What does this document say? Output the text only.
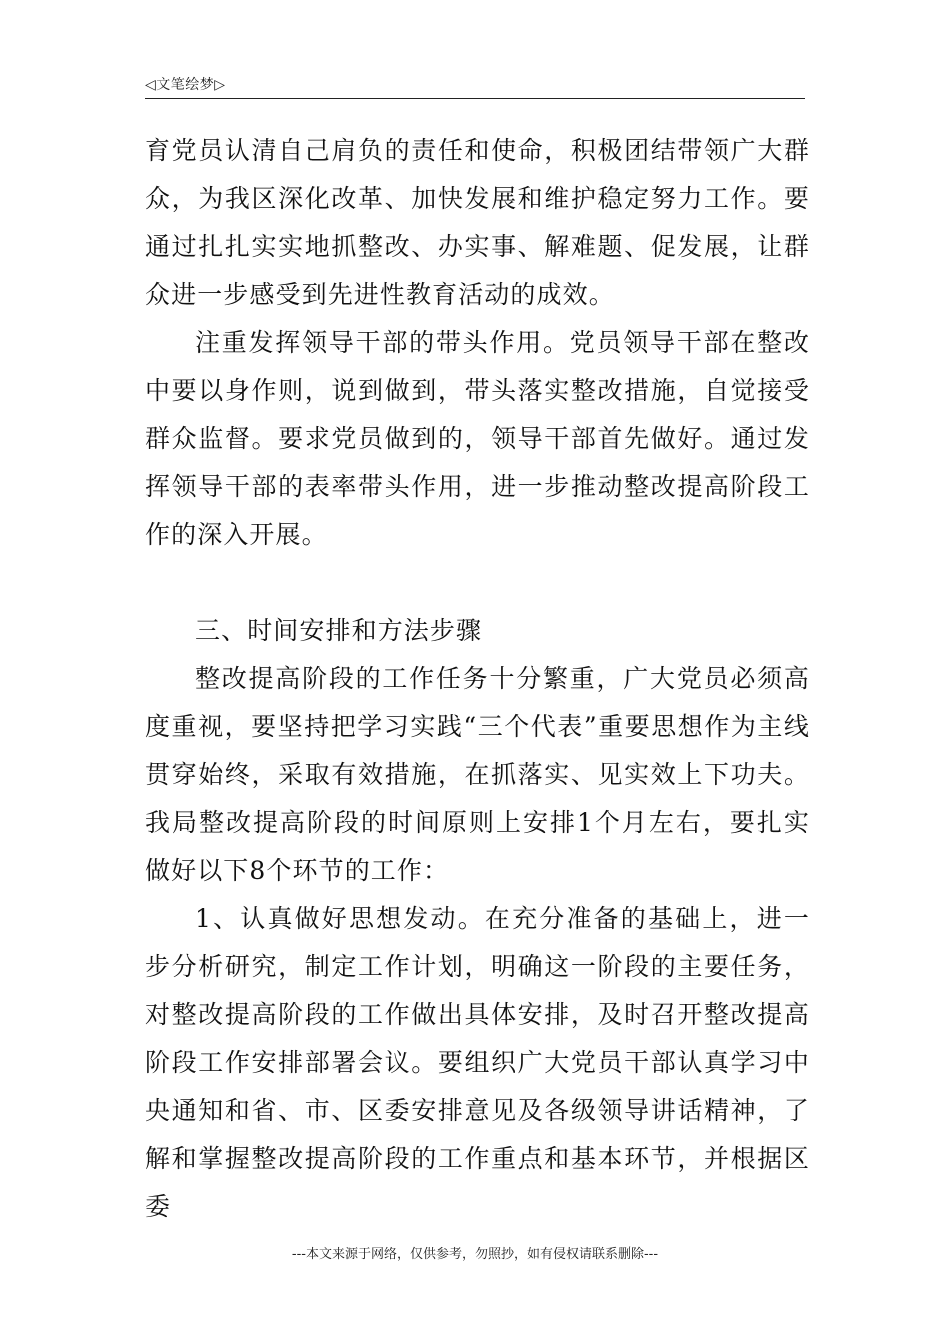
◁文笔绘梦▷

育党员认清自己肩负的责任和使命，积极团结带领广大群众，为我区深化改革、加快发展和维护稳定努力工作。要通过扎扎实实地抓整改、办实事、解难题、促发展，让群众进一步感受到先进性教育活动的成效。

注重发挥领导干部的带头作用。党员领导干部在整改中要以身作则，说到做到，带头落实整改措施，自觉接受群众监督。要求党员做到的，领导干部首先做好。通过发挥领导干部的表率带头作用，进一步推动整改提高阶段工作的深入开展。

三、时间安排和方法步骤

整改提高阶段的工作任务十分繁重，广大党员必须高度重视，要坚持把学习实践“三个代表”重要思想作为主线贯穿始终，采取有效措施，在抓落实、见实效上下功夫。我局整改提高阶段的时间原则上安排1个月左右，要扎实做好以下8个环节的工作：

1、认真做好思想发动。在充分准备的基础上，进一步分析研究，制定工作计划，明确这一阶段的主要任务，对整改提高阶段的工作做出具体安排，及时召开整改提高阶段工作安排部署会议。要组织广大党员干部认真学习中央通知和省、市、区委安排意见及各级领导讲话精神，了解和掌握整改提高阶段的工作重点和基本环节，并根据区委

---本文来源于网络，仅供参考，勿照抄，如有侵权请联系删除---
